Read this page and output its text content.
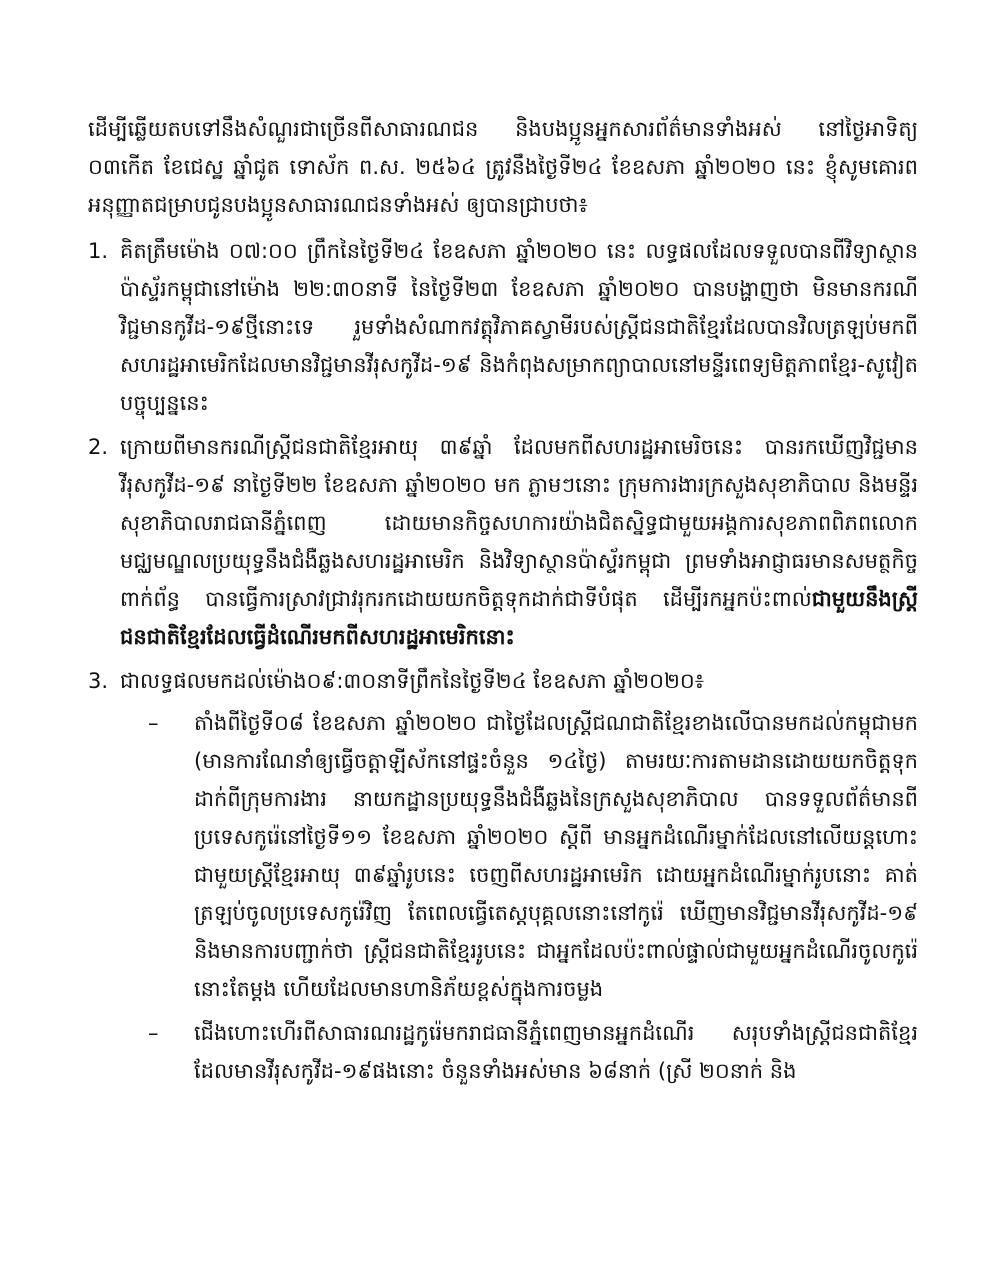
ដើម្បីឆ្លើយតបទៅនឹងសំណួរជាច្រើនពីសាធារណជន និងបងប្អូនអ្នកសារព័ត៌មានទាំងអស់ នៅថ្ងៃអាទិត្យ ០៣កើត ខែជេស្ឋ ឆ្នាំជូត ទោស័ក ព.ស. ២៥៦៤ ត្រូវនឹងថ្ងៃទី២៤ ខែឧសភា ឆ្នាំ២០២០ នេះ ខ្ញុំសូមគោរពអនុញ្ញាតជម្រាបជូនបងប្អូនសាធារណជនទាំងអស់ ឲ្យបានជ្រាបថា៖

1. គិតត្រឹមម៉ោង ០៧:០០ ព្រឹកនៃថ្ងៃទី២៤ ខែឧសភា ឆ្នាំ២០២០ នេះ លទ្ធផលដែលទទួលបានពីវិទ្យាស្ថានប៉ាស្ទ័រកម្ពុជានៅម៉ោង ២២:៣០នាទី នៃថ្ងៃទី២៣ ខែឧសភា ឆ្នាំ២០២០ បានបង្ហាញថា មិនមានករណីវិជ្ជមានកូវីដ-១៩ថ្មីនោះទេ រួមទាំងសំណាកវត្តុវិភាគស្វាមីរបស់ស្ត្រីជនជាតិខ្មែរដែលបានវិលត្រឡប់មកពីសហរដ្ឋអាមេរិកដែលមានវិជ្ជមានវីរុសកូវីដ-១៩ និងកំពុងសម្រាកព្យាបាលនៅមន្ទីរពេទ្យមិត្តភាពខ្មែរ-សូវៀតបច្ចុប្បន្ននេះ
2. ក្រោយពីមានករណីស្ត្រីជនជាតិខ្មែរអាយុ ៣៩ឆ្នាំ ដែលមកពីសហរដ្ឋអាមេរិចនេះ បានរកឃើញវិជ្ជមានវីរុសកូវីដ-១៩ នាថ្ងៃទី២២ ខែឧសភា ឆ្នាំ២០២០ មក ភ្លាមៗនោះ ក្រុមការងារក្រសួងសុខាភិបាល និងមន្ទីរសុខាភិបាលរាជធានីភ្នំពេញ ដោយមានកិច្ចសហការយ៉ាងជិតស្និទ្ធជាមួយអង្គការសុខភាពពិភពលោក មជ្ឈមណ្ឌលប្រយុទ្ធនឹងជំងឺឆ្លងសហរដ្ឋអាមេរិក និងវិទ្យាស្ថានប៉ាស្ទ័រកម្ពុជា ព្រមទាំងអាជ្ញាធរមានសមត្ថកិច្ចពាក់ព័ន្ធ បានធ្វើការស្រាវជ្រាវរុករកដោយយកចិត្តទុកដាក់ជាទីបំផុត ដើម្បីរកអ្នកប៉ះពាល់ជាមួយនឹងស្ត្រីជនជាតិខ្មែរដែលធ្វើដំណើរមកពីសហរដ្ឋអាមេរិកនោះ
3. ជាលទ្ធផលមកដល់ម៉ោង០៩:៣០នាទីព្រឹកនៃថ្ងៃទី២៤ ខែឧសភា ឆ្នាំ២០២០៖
– តាំងពីថ្ងៃទី០៨ ខែឧសភា ឆ្នាំ២០២០ ជាថ្ងៃដែលស្ត្រីជណជាតិខ្មែរខាងលើបានមកដល់កម្ពុជាមក (មានការណែនាំឲ្យធ្វើចត្តាឡីស័កនៅផ្ទះចំនួន ១៤ថ្ងៃ) តាមរយៈការតាមដានដោយយកចិត្តទុកដាក់ពីក្រុមការងារ នាយកដ្ឋានប្រយុទ្ធនឹងជំងឺឆ្លងនៃក្រសួងសុខាភិបាល បានទទួលព័ត៌មានពីប្រទេសកូរ៉េនៅថ្ងៃទី១១ ខែឧសភា ឆ្នាំ២០២០ ស្តីពី មានអ្នកដំណើរម្នាក់ដែលនៅលើយន្តហោះជាមួយស្ត្រីខ្មែរអាយុ ៣៩ឆ្នាំរូបនេះ ចេញពីសហរដ្ឋអាមេរិក ដោយអ្នកដំណើរម្នាក់រូបនោះ គាត់ត្រឡប់ចូលប្រទេសកូរ៉េវិញ តែពេលធ្វើតេស្តបុគ្គលនោះនៅកូរ៉េ ឃើញមានវិជ្ជមានវីរុសកូវីដ-១៩ និងមានការបញ្ជាក់ថា ស្ត្រីជនជាតិខ្មែររូបនេះ ជាអ្នកដែលប៉ះពាល់ផ្ទាល់ជាមួយអ្នកដំណើរចូលកូរ៉េនោះតែម្តង ហើយដែលមានហានិភ័យខ្ពស់ក្នុងការចម្លង
– ជើងហោះហើរពីសាធារណរដ្ឋកូរ៉េមករាជធានីភ្នំពេញមានអ្នកដំណើរ សរុបទាំងស្ត្រីជនជាតិខ្មែរដែលមានវីរុសកូវីដ-១៩ផងនោះ ចំនួនទាំងអស់មាន ៦៨នាក់ (ស្រី ២០នាក់ និង
